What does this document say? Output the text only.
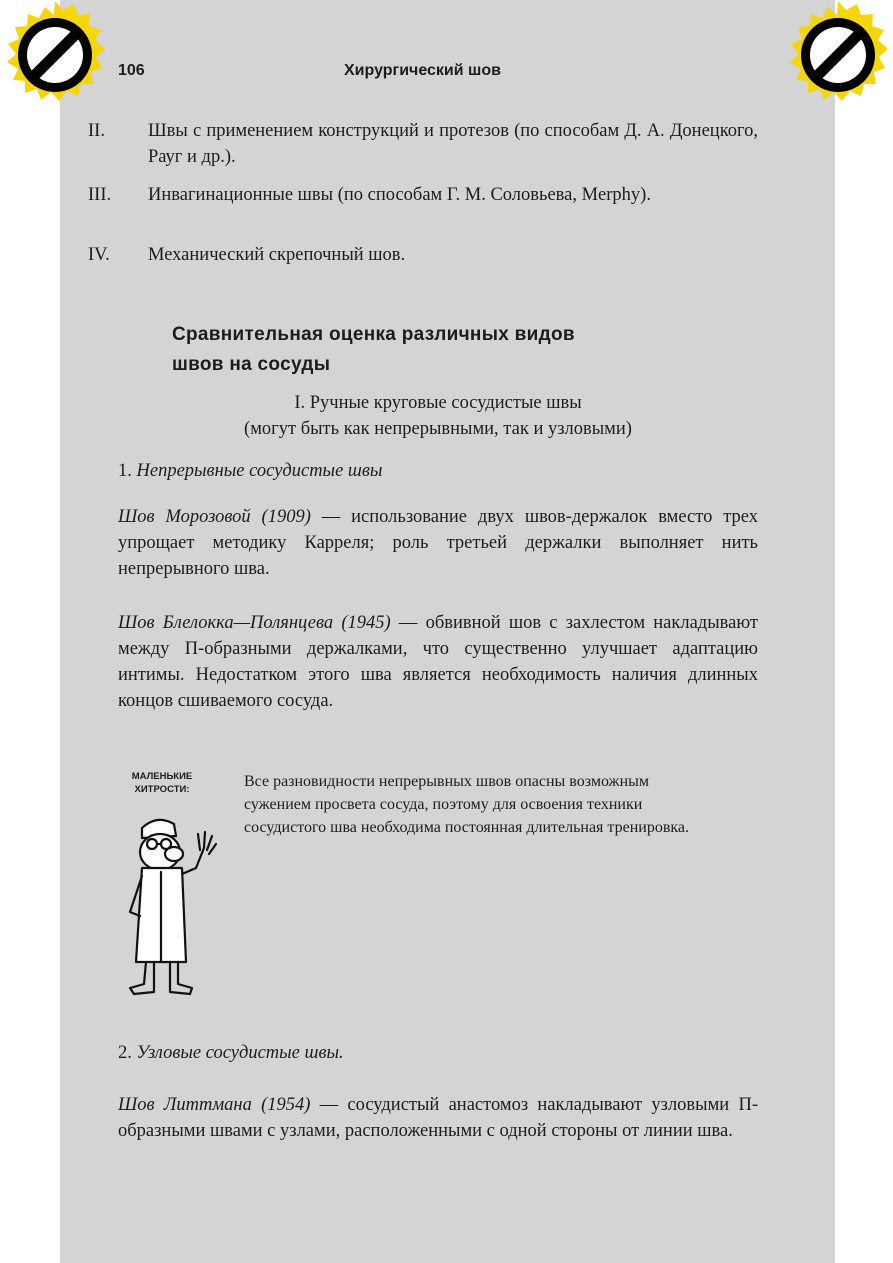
106	Хирургический шов
II. Швы с применением конструкций и протезов (по способам Д. А. Донецкого, Рауг и др.).
III. Инвагинационные швы (по способам Г. М. Соловьева, Merphy).
IV. Механический скрепочный шов.
Сравнительная оценка различных видов
швов на сосуды
I. Ручные круговые сосудистые швы
(могут быть как непрерывными, так и узловыми)
1. Непрерывные сосудистые швы
Шов Морозовой (1909) — использование двух швов-держалок вместо трех упрощает методику Карреля; роль третьей держалки выполняет нить непрерывного шва.
Шов Блелокка—Полянцева (1945) — обвивной шов с захлестом накладывают между П-образными держалками, что существенно улучшает адаптацию интимы. Недостатком этого шва является необходимость наличия длинных концов сшиваемого сосуда.
МАЛЕНЬКИЕ
ХИТРОСТИ:	Все разновидности непрерывных швов опасны возможным сужением просвета сосуда, поэтому для освоения техники сосудистого шва необходима постоянная длительная тренировка.
2. Узловые сосудистые швы.
Шов Литтмана (1954) — сосудистый анастомоз накладывают узловыми П-образными швами с узлами, расположенными с одной стороны от линии шва.
